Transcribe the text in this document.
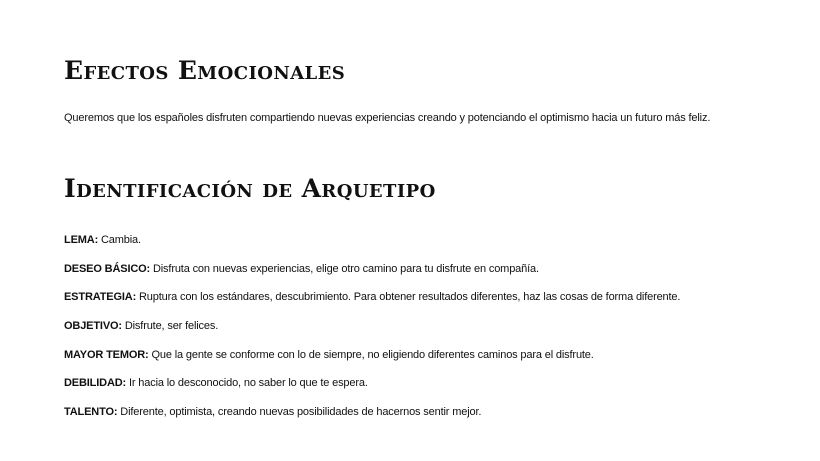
Efectos Emocionales

Queremos que los españoles disfruten compartiendo nuevas experiencias creando y potenciando el optimismo hacia un futuro más feliz.

Identificación de Arquetipo
LEMA: Cambia.
DESEO BÁSICO: Disfruta con nuevas experiencias, elige otro camino para tu disfrute en compañía.
ESTRATEGIA: Ruptura con los estándares, descubrimiento. Para obtener resultados diferentes, haz las cosas de forma diferente.
OBJETIVO: Disfrute, ser felices.
MAYOR TEMOR: Que la gente se conforme con lo de siempre, no eligiendo diferentes caminos para el disfrute.
DEBILIDAD: Ir hacia lo desconocido, no saber lo que te espera.
TALENTO: Diferente, optimista, creando nuevas posibilidades de hacernos sentir mejor.
